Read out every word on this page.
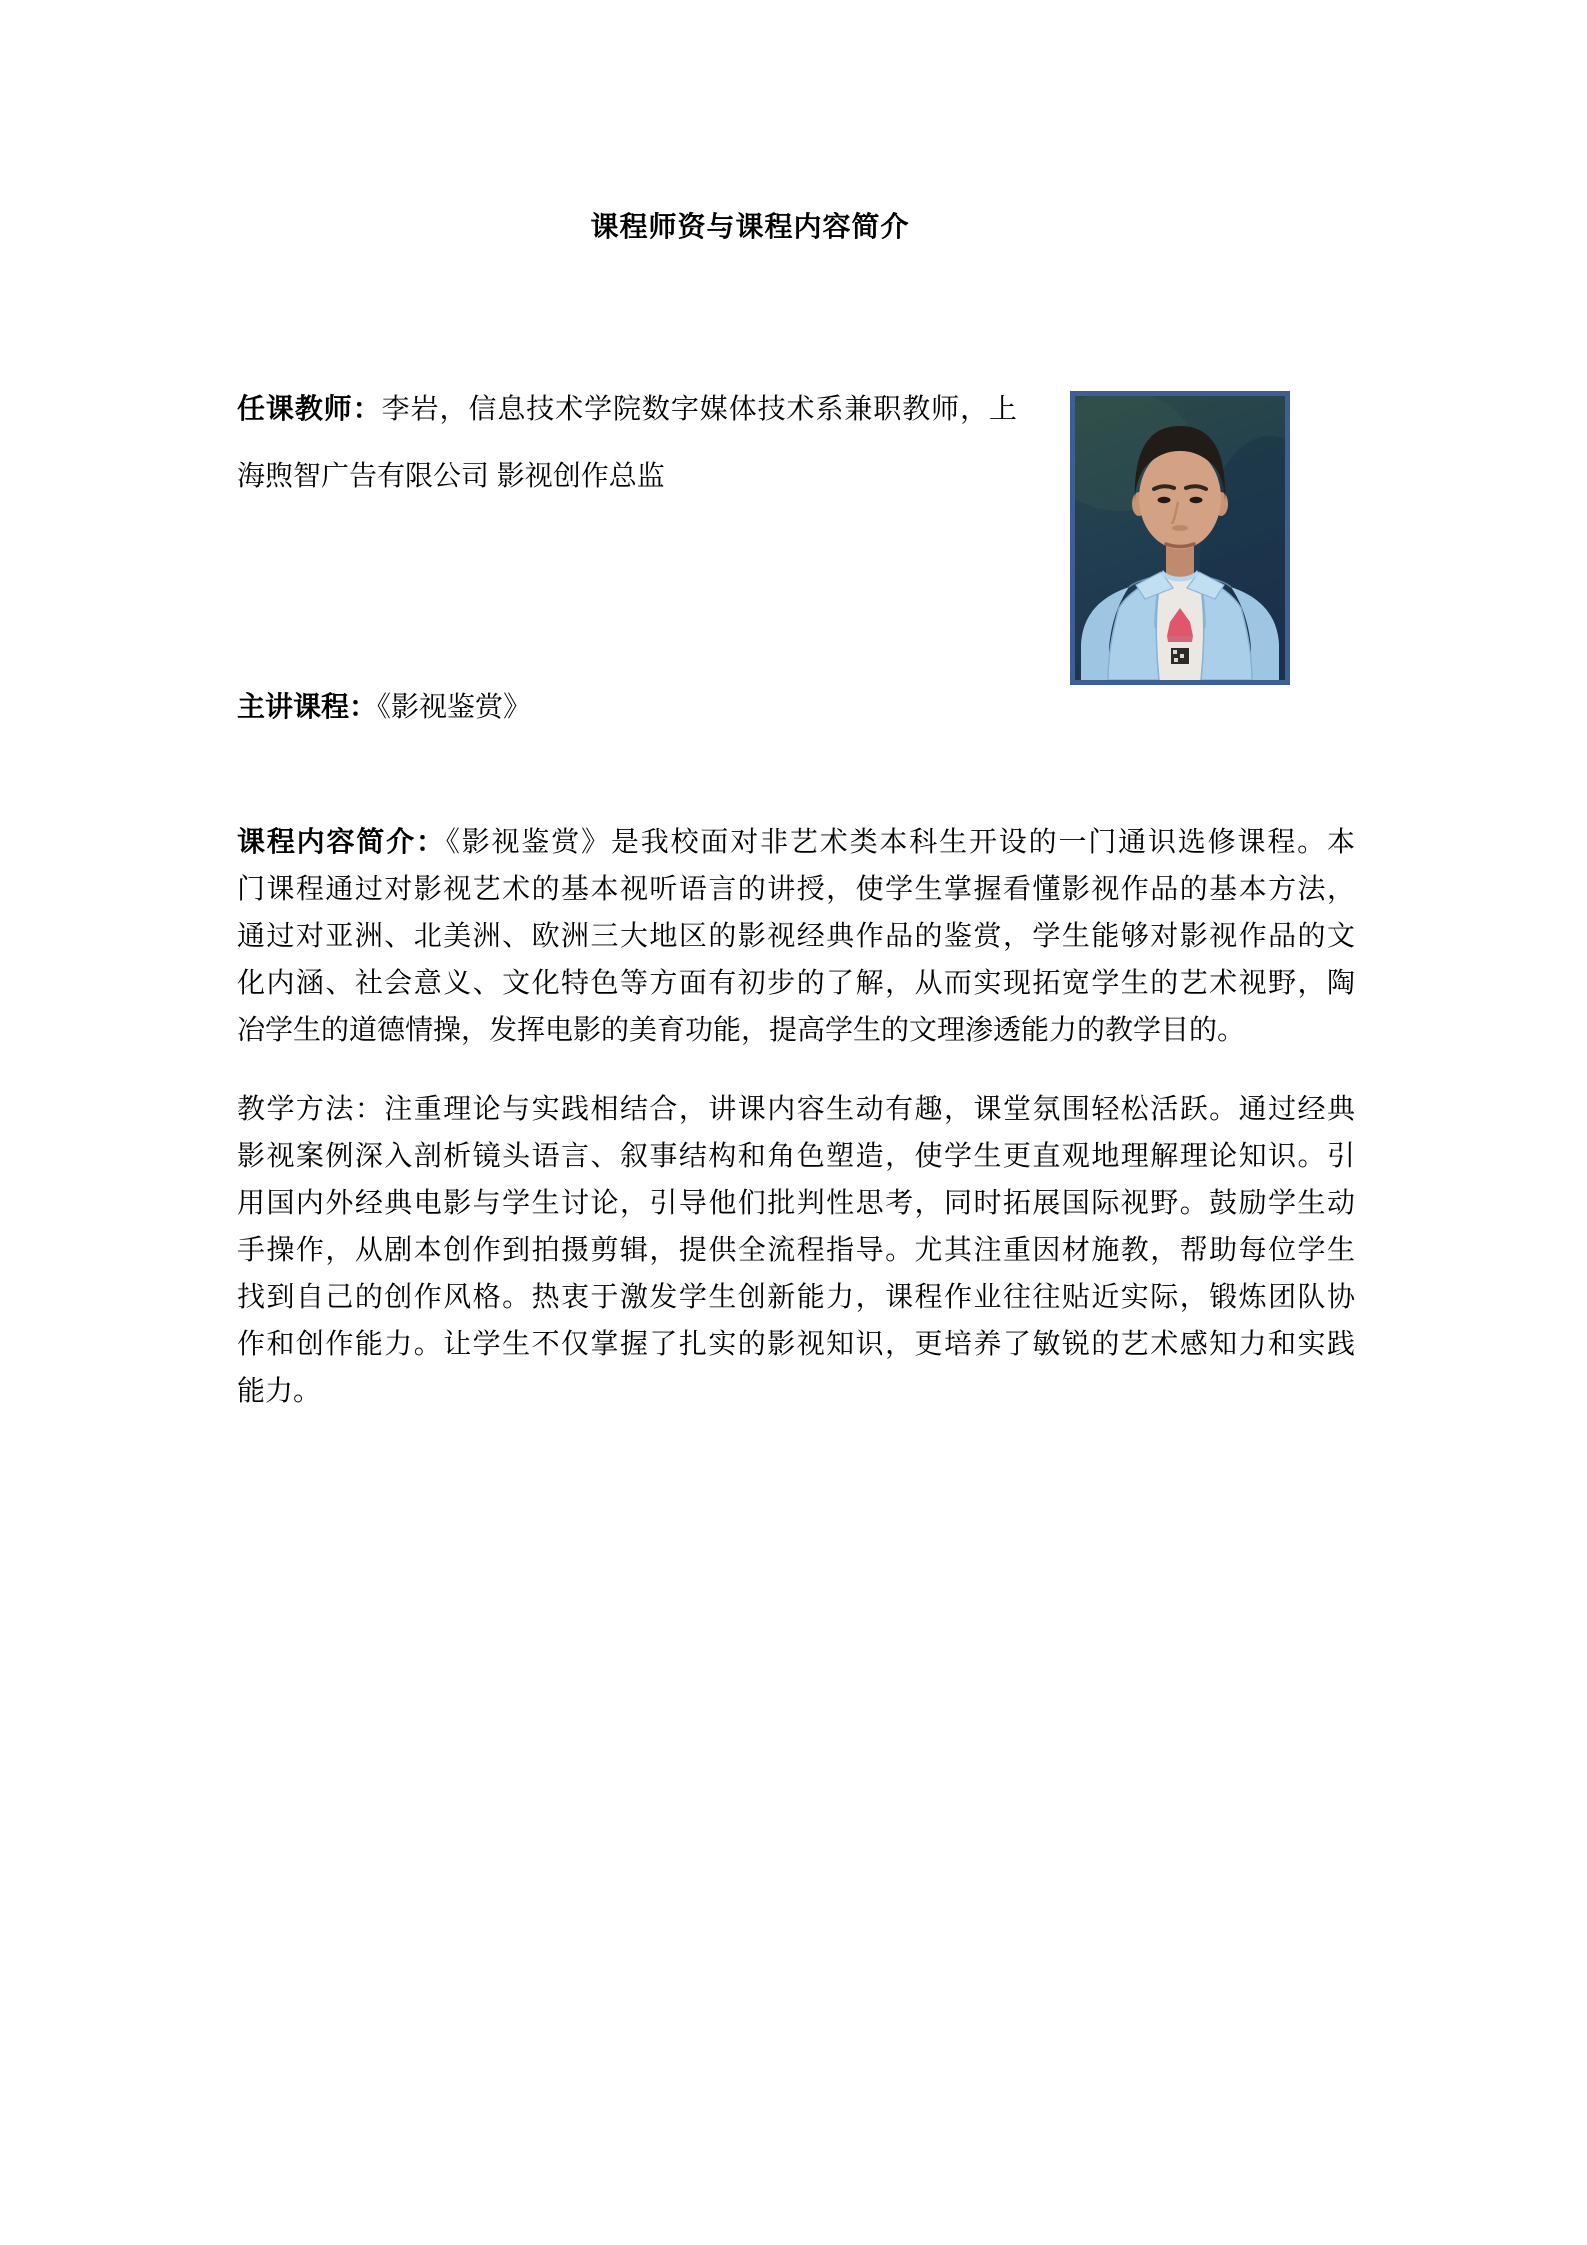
课程师资与课程内容简介
任课教师：李岩，信息技术学院数字媒体技术系兼职教师，上
海煦智广告有限公司 影视创作总监
主讲课程：《影视鉴赏》
课程内容简介：《影视鉴赏》是我校面对非艺术类本科生开设的一门通识选修课程。本
门课程通过对影视艺术的基本视听语言的讲授，使学生掌握看懂影视作品的基本方法，
通过对亚洲、北美洲、欧洲三大地区的影视经典作品的鉴赏，学生能够对影视作品的文
化内涵、社会意义、文化特色等方面有初步的了解，从而实现拓宽学生的艺术视野，陶
冶学生的道德情操，发挥电影的美育功能，提高学生的文理渗透能力的教学目的。
教学方法：注重理论与实践相结合，讲课内容生动有趣，课堂氛围轻松活跃。通过经典
影视案例深入剖析镜头语言、叙事结构和角色塑造，使学生更直观地理解理论知识。引
用国内外经典电影与学生讨论，引导他们批判性思考，同时拓展国际视野。鼓励学生动
手操作，从剧本创作到拍摄剪辑，提供全流程指导。尤其注重因材施教，帮助每位学生
找到自己的创作风格。热衷于激发学生创新能力，课程作业往往贴近实际，锻炼团队协
作和创作能力。让学生不仅掌握了扎实的影视知识，更培养了敏锐的艺术感知力和实践
能力。
